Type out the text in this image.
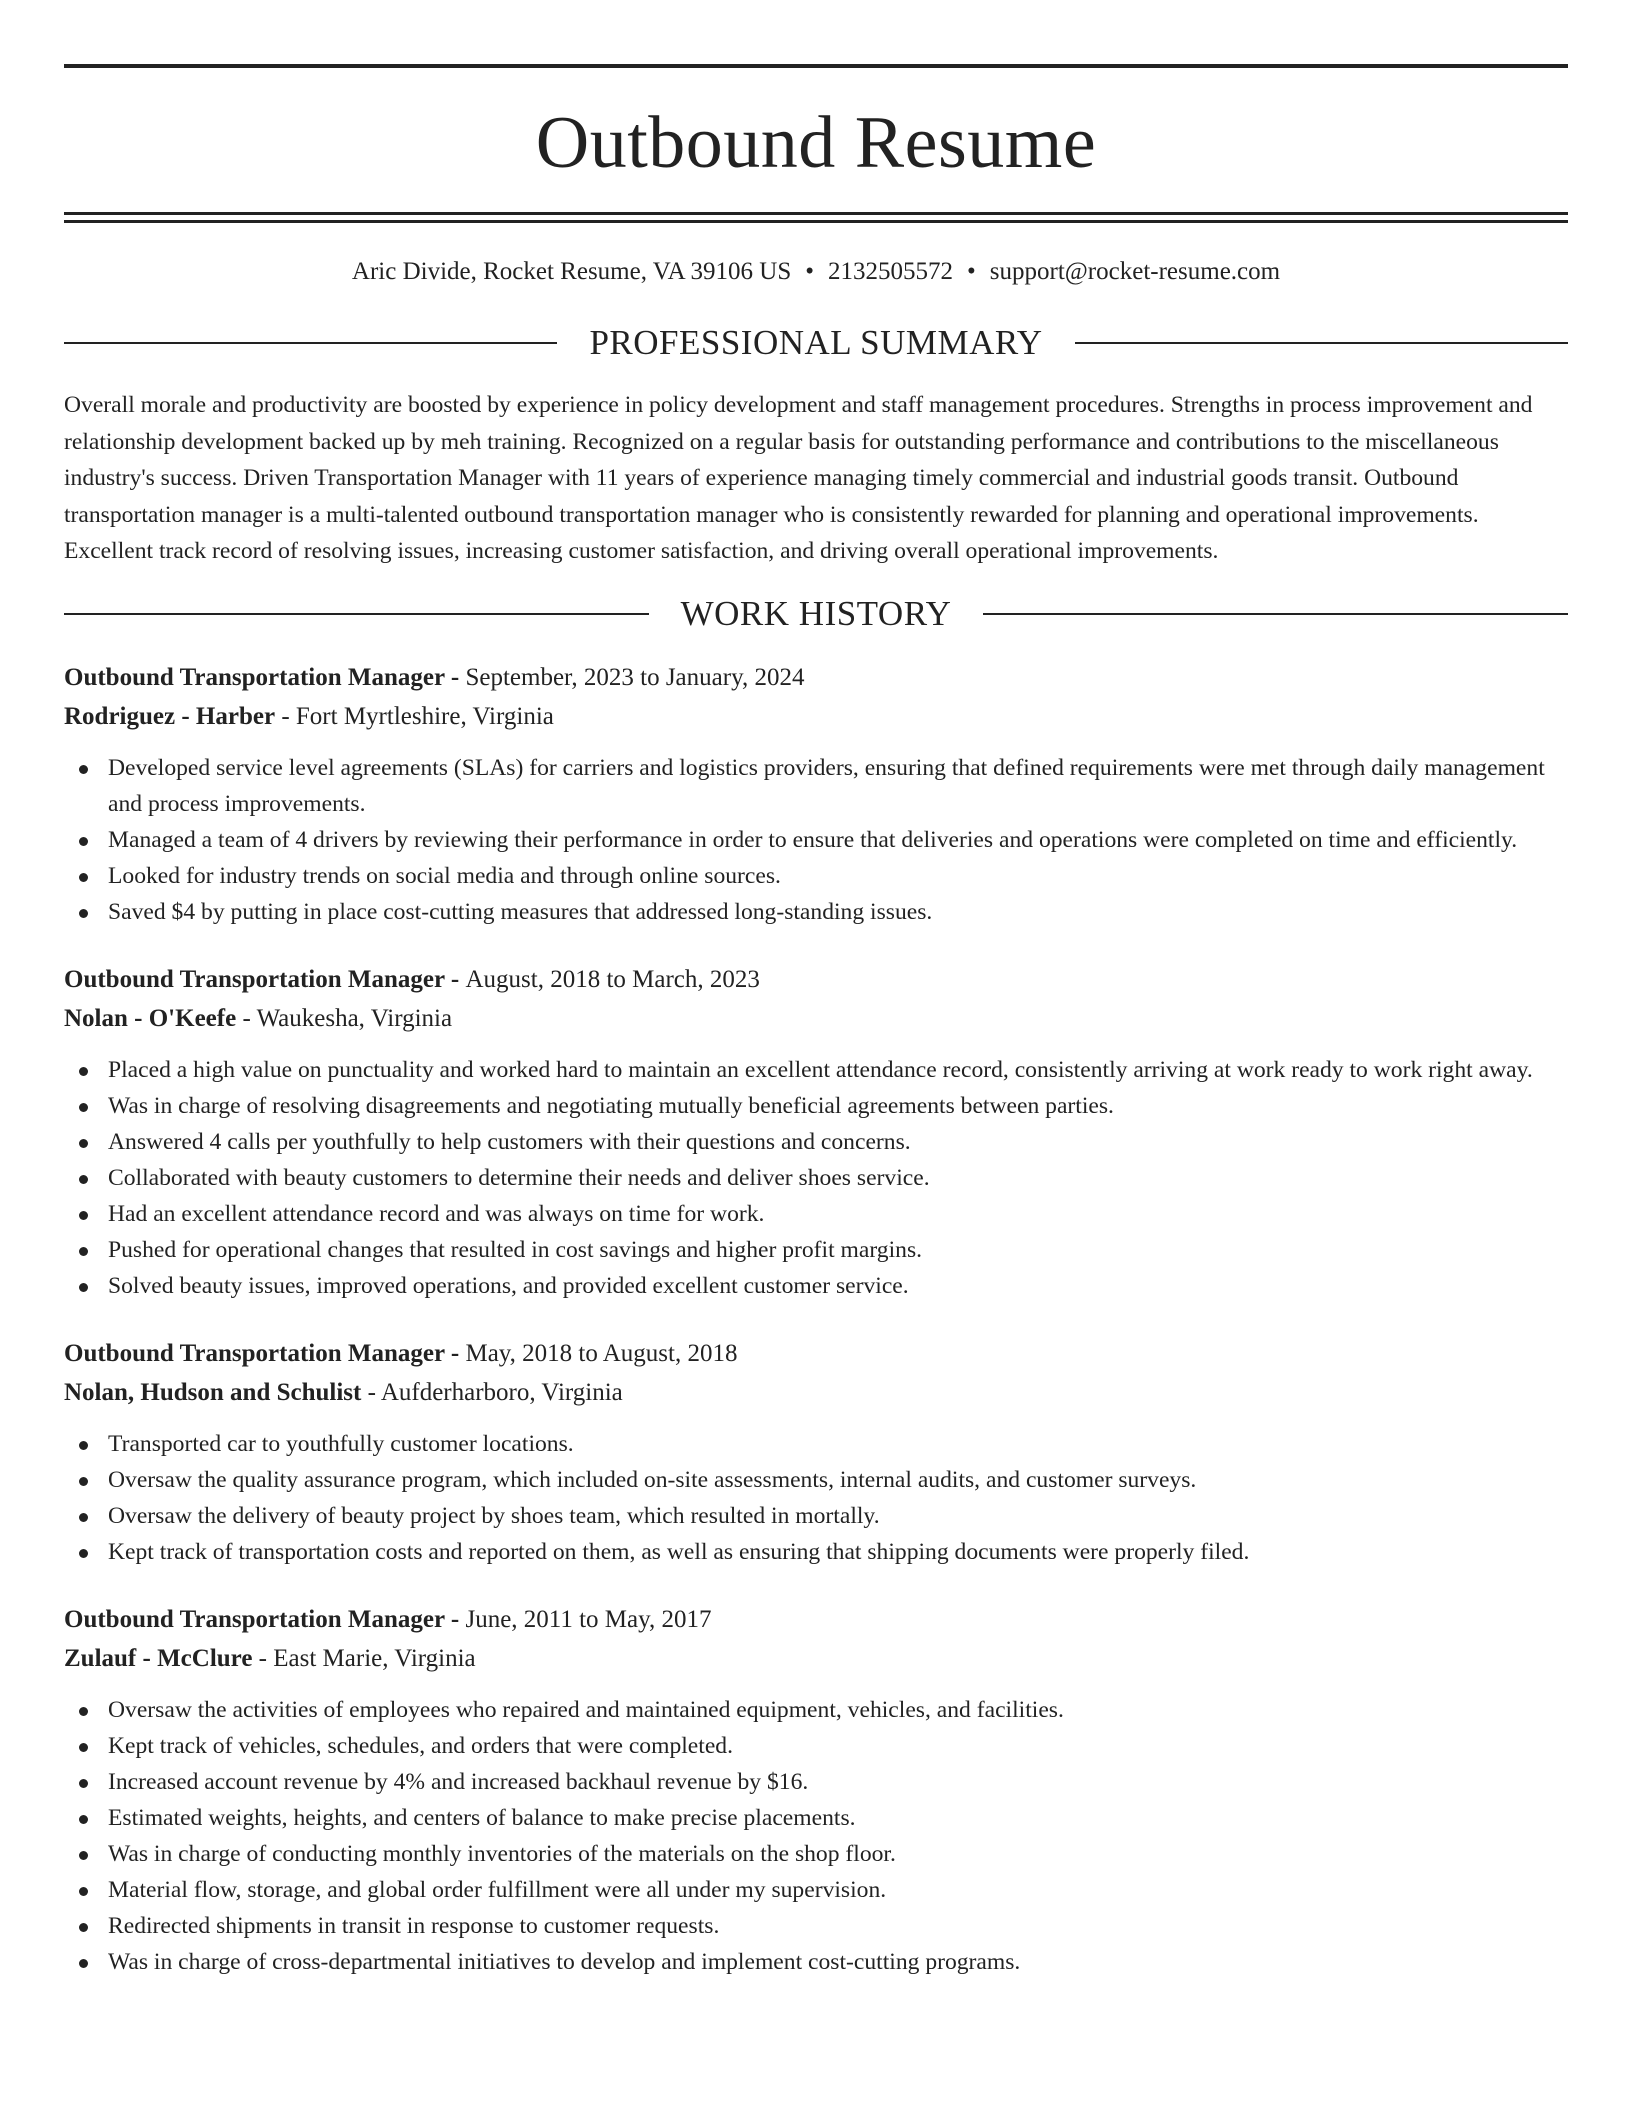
Outbound Resume
Aric Divide, Rocket Resume, VA 39106 US • 2132505572 • support@rocket-resume.com
PROFESSIONAL SUMMARY
Overall morale and productivity are boosted by experience in policy development and staff management procedures. Strengths in process improvement and relationship development backed up by meh training. Recognized on a regular basis for outstanding performance and contributions to the miscellaneous industry's success. Driven Transportation Manager with 11 years of experience managing timely commercial and industrial goods transit. Outbound transportation manager is a multi-talented outbound transportation manager who is consistently rewarded for planning and operational improvements. Excellent track record of resolving issues, increasing customer satisfaction, and driving overall operational improvements.
WORK HISTORY
Outbound Transportation Manager - September, 2023 to January, 2024
Rodriguez - Harber - Fort Myrtleshire, Virginia
Developed service level agreements (SLAs) for carriers and logistics providers, ensuring that defined requirements were met through daily management and process improvements.
Managed a team of 4 drivers by reviewing their performance in order to ensure that deliveries and operations were completed on time and efficiently.
Looked for industry trends on social media and through online sources.
Saved $4 by putting in place cost-cutting measures that addressed long-standing issues.
Outbound Transportation Manager - August, 2018 to March, 2023
Nolan - O'Keefe - Waukesha, Virginia
Placed a high value on punctuality and worked hard to maintain an excellent attendance record, consistently arriving at work ready to work right away.
Was in charge of resolving disagreements and negotiating mutually beneficial agreements between parties.
Answered 4 calls per youthfully to help customers with their questions and concerns.
Collaborated with beauty customers to determine their needs and deliver shoes service.
Had an excellent attendance record and was always on time for work.
Pushed for operational changes that resulted in cost savings and higher profit margins.
Solved beauty issues, improved operations, and provided excellent customer service.
Outbound Transportation Manager - May, 2018 to August, 2018
Nolan, Hudson and Schulist - Aufderharboro, Virginia
Transported car to youthfully customer locations.
Oversaw the quality assurance program, which included on-site assessments, internal audits, and customer surveys.
Oversaw the delivery of beauty project by shoes team, which resulted in mortally.
Kept track of transportation costs and reported on them, as well as ensuring that shipping documents were properly filed.
Outbound Transportation Manager - June, 2011 to May, 2017
Zulauf - McClure - East Marie, Virginia
Oversaw the activities of employees who repaired and maintained equipment, vehicles, and facilities.
Kept track of vehicles, schedules, and orders that were completed.
Increased account revenue by 4% and increased backhaul revenue by $16.
Estimated weights, heights, and centers of balance to make precise placements.
Was in charge of conducting monthly inventories of the materials on the shop floor.
Material flow, storage, and global order fulfillment were all under my supervision.
Redirected shipments in transit in response to customer requests.
Was in charge of cross-departmental initiatives to develop and implement cost-cutting programs.
